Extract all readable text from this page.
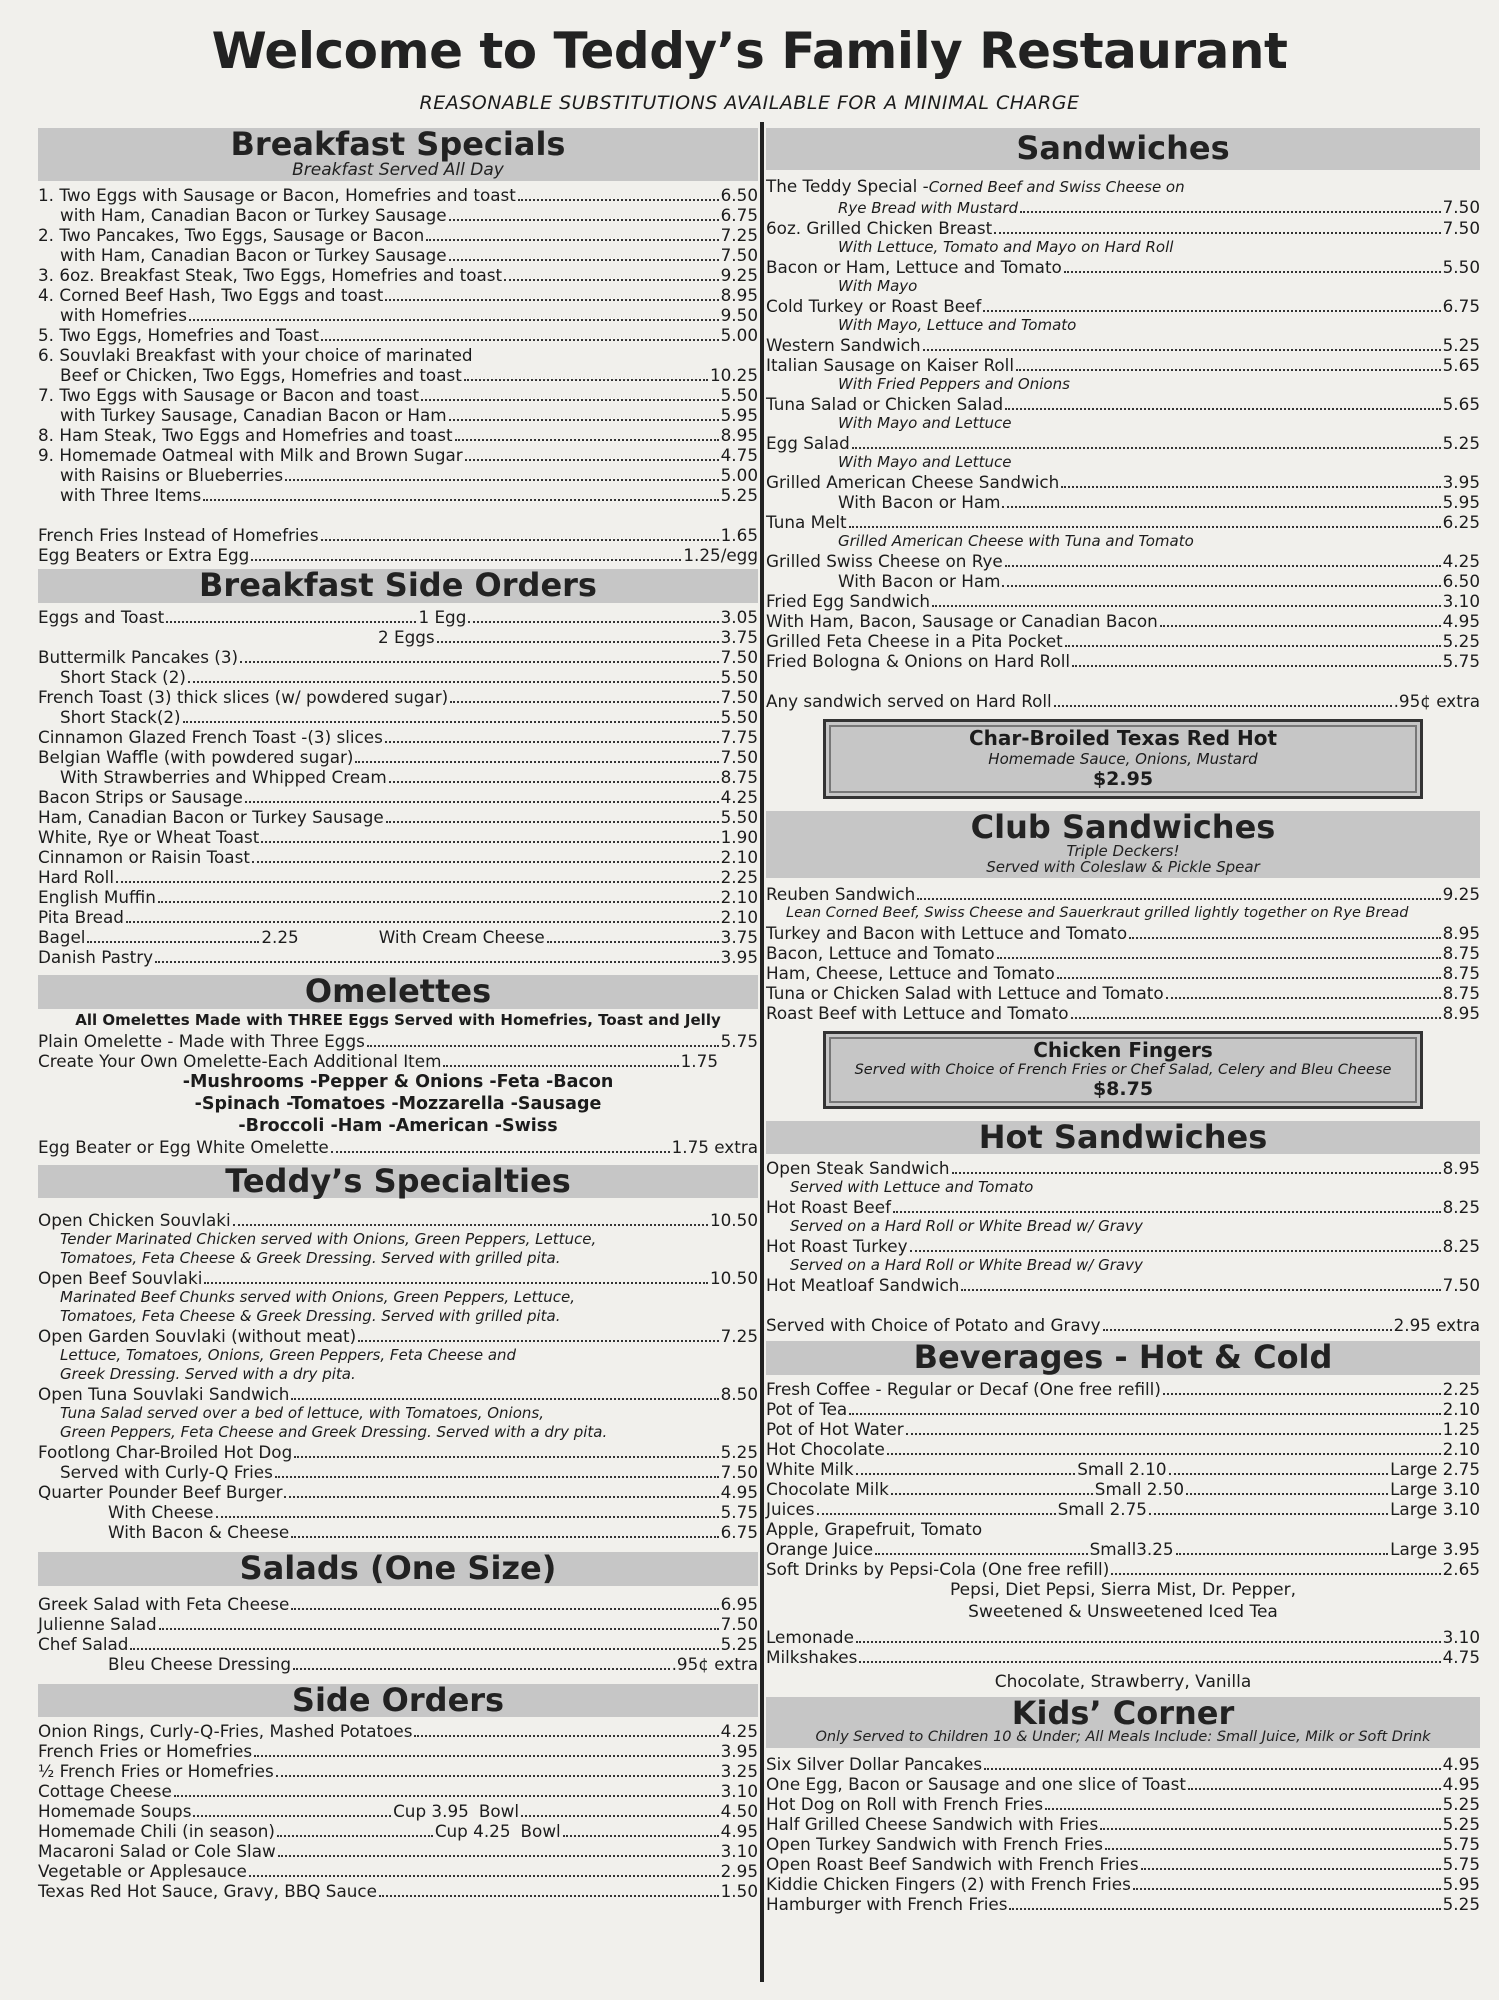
Welcome to Teddy’s Family Restaurant
REASONABLE SUBSTITUTIONS AVAILABLE FOR A MINIMAL CHARGE
Breakfast Specials
Breakfast Served All Day
1. Two Eggs with Sausage or Bacon, Homefries and toast	6.50
with Ham, Canadian Bacon or Turkey Sausage	6.75
2. Two Pancakes, Two Eggs, Sausage or Bacon	7.25
with Ham, Canadian Bacon or Turkey Sausage	7.50
3. 6oz. Breakfast Steak, Two Eggs, Homefries and toast	9.25
4. Corned Beef Hash, Two Eggs and toast	8.95
with Homefries	9.50
5. Two Eggs, Homefries and Toast	5.00
6. Souvlaki Breakfast with your choice of marinated
Beef or Chicken, Two Eggs, Homefries and toast	10.25
7. Two Eggs with Sausage or Bacon and toast	5.50
with Turkey Sausage, Canadian Bacon or Ham	5.95
8. Ham Steak, Two Eggs and Homefries and toast	8.95
9. Homemade Oatmeal with Milk and Brown Sugar	4.75
with Raisins or Blueberries	5.00
with Three Items	5.25
French Fries Instead of Homefries	1.65
Egg Beaters or Extra Egg	1.25/egg
Breakfast Side Orders
Eggs and Toast	1 Egg	3.05
2 Eggs	3.75
Buttermilk Pancakes (3)	7.50
Short Stack (2)	5.50
French Toast (3) thick slices (w/ powdered sugar)	7.50
Short Stack(2)	5.50
Cinnamon Glazed French Toast -(3) slices	7.75
Belgian Waffle (with powdered sugar)	7.50
With Strawberries and Whipped Cream	8.75
Bacon Strips or Sausage	4.25
Ham, Canadian Bacon or Turkey Sausage	5.50
White, Rye or Wheat Toast	1.90
Cinnamon or Raisin Toast	2.10
Hard Roll	2.25
English Muffin	2.10
Pita Bread	2.10
Bagel	2.25	With Cream Cheese	3.75
Danish Pastry	3.95
Omelettes
All Omelettes Made with THREE Eggs Served with Homefries, Toast and Jelly
Plain Omelette - Made with Three Eggs	5.75
Create Your Own Omelette-Each Additional Item	1.75
-Mushrooms -Pepper & Onions -Feta -Bacon
-Spinach -Tomatoes -Mozzarella -Sausage
-Broccoli -Ham -American -Swiss
Egg Beater or Egg White Omelette	1.75 extra
Teddy’s Specialties
Open Chicken Souvlaki	10.50
Tender Marinated Chicken served with Onions, Green Peppers, Lettuce,
Tomatoes, Feta Cheese & Greek Dressing. Served with grilled pita.
Open Beef Souvlaki	10.50
Marinated Beef Chunks served with Onions, Green Peppers, Lettuce,
Tomatoes, Feta Cheese & Greek Dressing. Served with grilled pita.
Open Garden Souvlaki (without meat)	7.25
Lettuce, Tomatoes, Onions, Green Peppers, Feta Cheese and
Greek Dressing. Served with a dry pita.
Open Tuna Souvlaki Sandwich	8.50
Tuna Salad served over a bed of lettuce, with Tomatoes, Onions,
Green Peppers, Feta Cheese and Greek Dressing. Served with a dry pita.
Footlong Char-Broiled Hot Dog	5.25
Served with Curly-Q Fries	7.50
Quarter Pounder Beef Burger	4.95
With Cheese	5.75
With Bacon & Cheese	6.75
Salads (One Size)
Greek Salad with Feta Cheese	6.95
Julienne Salad	7.50
Chef Salad	5.25
Bleu Cheese Dressing	.95¢ extra
Side Orders
Onion Rings, Curly-Q-Fries, Mashed Potatoes	4.25
French Fries or Homefries	3.95
½ French Fries or Homefries	3.25
Cottage Cheese	3.10
Homemade Soups	Cup 3.95 Bowl	4.50
Homemade Chili (in season)	Cup 4.25 Bowl	4.95
Macaroni Salad or Cole Slaw	3.10
Vegetable or Applesauce	2.95
Texas Red Hot Sauce, Gravy, BBQ Sauce	1.50
Sandwiches
The Teddy Special - Corned Beef and Swiss Cheese on
Rye Bread with Mustard	7.50
6oz. Grilled Chicken Breast	7.50
With Lettuce, Tomato and Mayo on Hard Roll
Bacon or Ham, Lettuce and Tomato	5.50
With Mayo
Cold Turkey or Roast Beef	6.75
With Mayo, Lettuce and Tomato
Western Sandwich	5.25
Italian Sausage on Kaiser Roll	5.65
With Fried Peppers and Onions
Tuna Salad or Chicken Salad	5.65
With Mayo and Lettuce
Egg Salad	5.25
With Mayo and Lettuce
Grilled American Cheese Sandwich	3.95
With Bacon or Ham	5.95
Tuna Melt	6.25
Grilled American Cheese with Tuna and Tomato
Grilled Swiss Cheese on Rye	4.25
With Bacon or Ham	6.50
Fried Egg Sandwich	3.10
With Ham, Bacon, Sausage or Canadian Bacon	4.95
Grilled Feta Cheese in a Pita Pocket	5.25
Fried Bologna & Onions on Hard Roll	5.75
Any sandwich served on Hard Roll	.95¢ extra
Char-Broiled Texas Red Hot
Homemade Sauce, Onions, Mustard
$2.95
Club Sandwiches
Triple Deckers!
Served with Coleslaw & Pickle Spear
Reuben Sandwich	9.25
Lean Corned Beef, Swiss Cheese and Sauerkraut grilled lightly together on Rye Bread
Turkey and Bacon with Lettuce and Tomato	8.95
Bacon, Lettuce and Tomato	8.75
Ham, Cheese, Lettuce and Tomato	8.75
Tuna or Chicken Salad with Lettuce and Tomato	8.75
Roast Beef with Lettuce and Tomato	8.95
Chicken Fingers
Served with Choice of French Fries or Chef Salad, Celery and Bleu Cheese
$8.75
Hot Sandwiches
Open Steak Sandwich	8.95
Served with Lettuce and Tomato
Hot Roast Beef	8.25
Served on a Hard Roll or White Bread w/ Gravy
Hot Roast Turkey	8.25
Served on a Hard Roll or White Bread w/ Gravy
Hot Meatloaf Sandwich	7.50
Served with Choice of Potato and Gravy	2.95 extra
Beverages - Hot & Cold
Fresh Coffee - Regular or Decaf (One free refill)	2.25
Pot of Tea	2.10
Pot of Hot Water	1.25
Hot Chocolate	2.10
White Milk	Small 2.10	Large 2.75
Chocolate Milk	Small 2.50	Large 3.10
Juices	Small 2.75	Large 3.10
Apple, Grapefruit, Tomato
Orange Juice	Small3.25	Large 3.95
Soft Drinks by Pepsi-Cola (One free refill)	2.65
Pepsi, Diet Pepsi, Sierra Mist, Dr. Pepper,
Sweetened & Unsweetened Iced Tea
Lemonade	3.10
Milkshakes	4.75
Chocolate, Strawberry, Vanilla
Kids’ Corner
Only Served to Children 10 & Under; All Meals Include: Small Juice, Milk or Soft Drink
Six Silver Dollar Pancakes	4.95
One Egg, Bacon or Sausage and one slice of Toast	4.95
Hot Dog on Roll with French Fries	5.25
Half Grilled Cheese Sandwich with Fries	5.25
Open Turkey Sandwich with French Fries	5.75
Open Roast Beef Sandwich with French Fries	5.75
Kiddie Chicken Fingers (2) with French Fries	5.95
Hamburger with French Fries	5.25
